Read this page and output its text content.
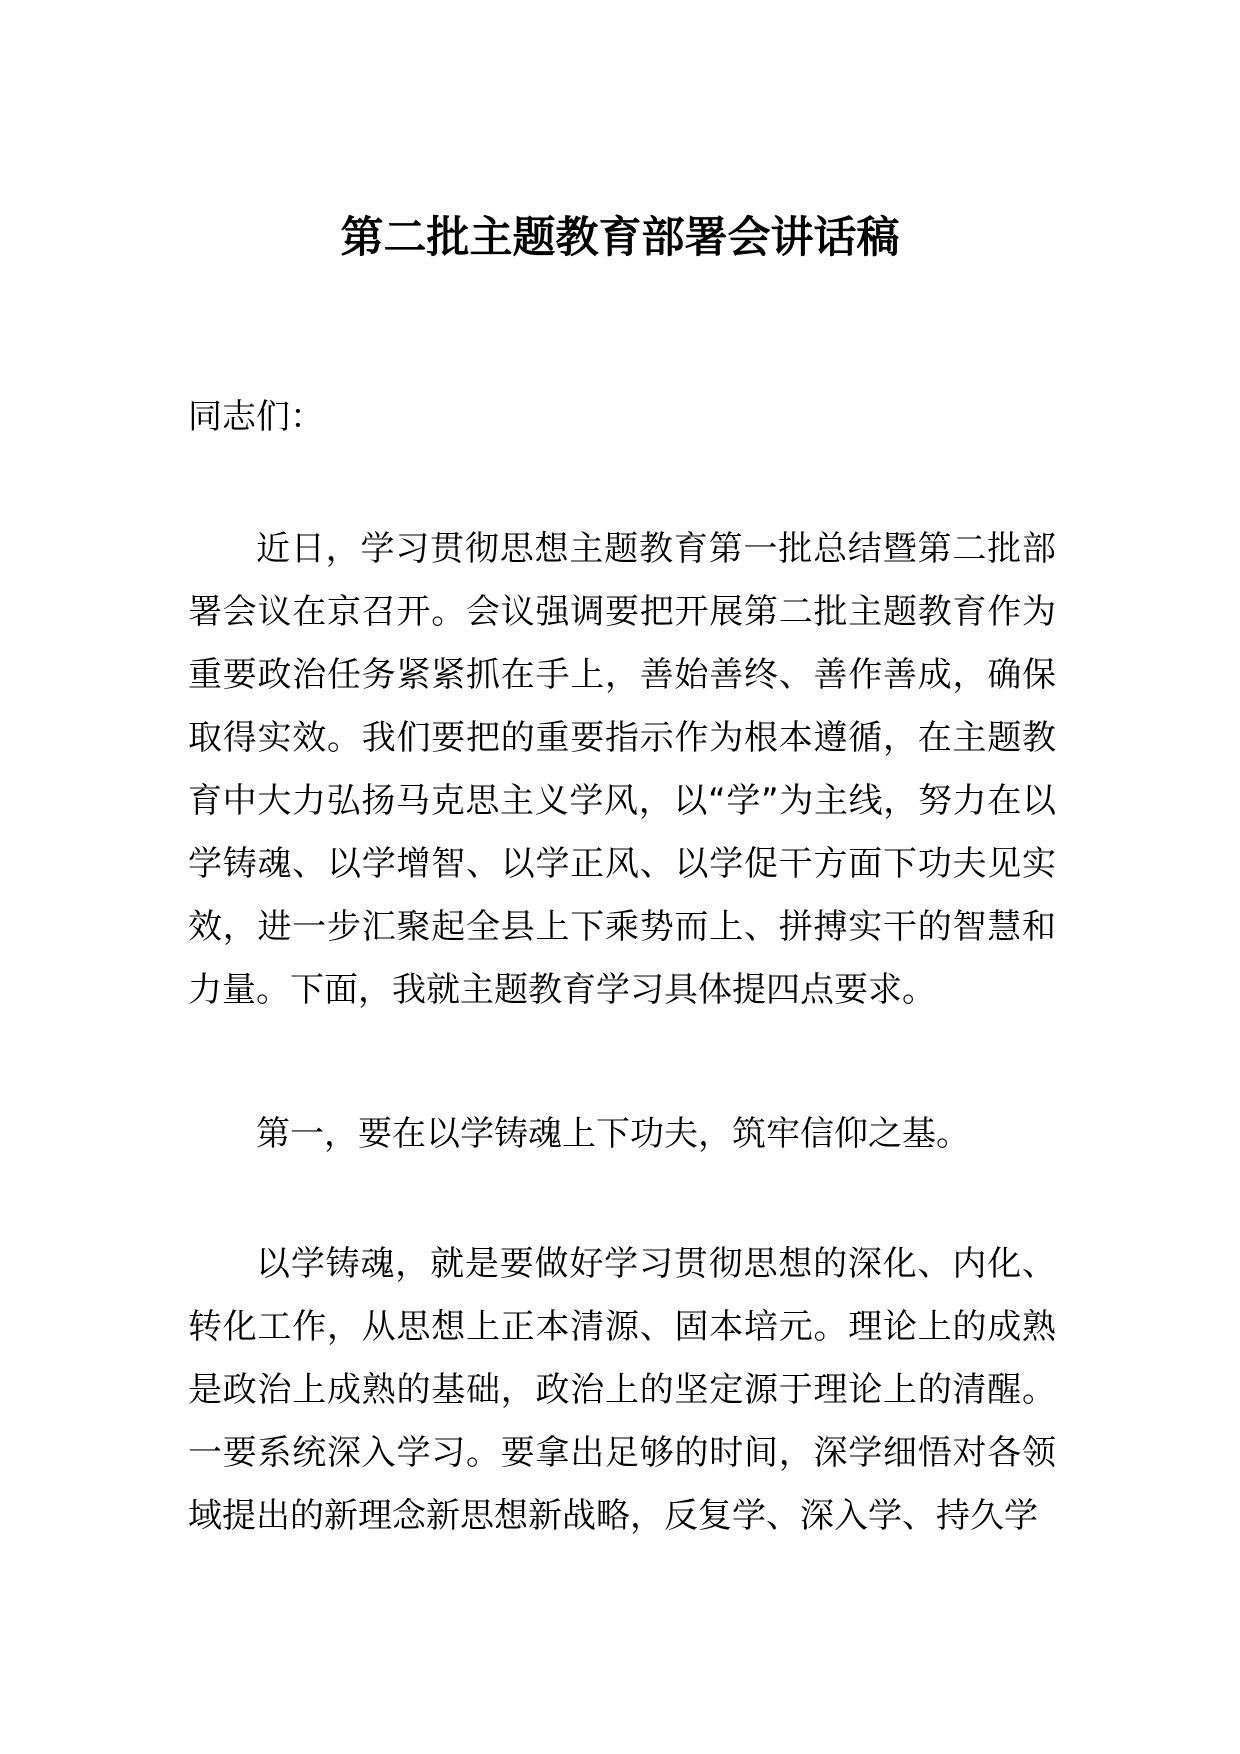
第二批主题教育部署会讲话稿
同志们：
近日，学习贯彻思想主题教育第一批总结暨第二批部署会议在京召开。会议强调要把开展第二批主题教育作为重要政治任务紧紧抓在手上，善始善终、善作善成，确保取得实效。我们要把的重要指示作为根本遵循，在主题教育中大力弘扬马克思主义学风，以“学”为主线，努力在以学铸魂、以学增智、以学正风、以学促干方面下功夫见实效，进一步汇聚起全县上下乘势而上、拼搏实干的智慧和力量。下面，我就主题教育学习具体提四点要求。
第一，要在以学铸魂上下功夫，筑牢信仰之基。
以学铸魂，就是要做好学习贯彻思想的深化、内化、转化工作，从思想上正本清源、固本培元。理论上的成熟是政治上成熟的基础，政治上的坚定源于理论上的清醒。一要系统深入学习。要拿出足够的时间，深学细悟对各领域提出的新理念新思想新战略，反复学、深入学、持久学
